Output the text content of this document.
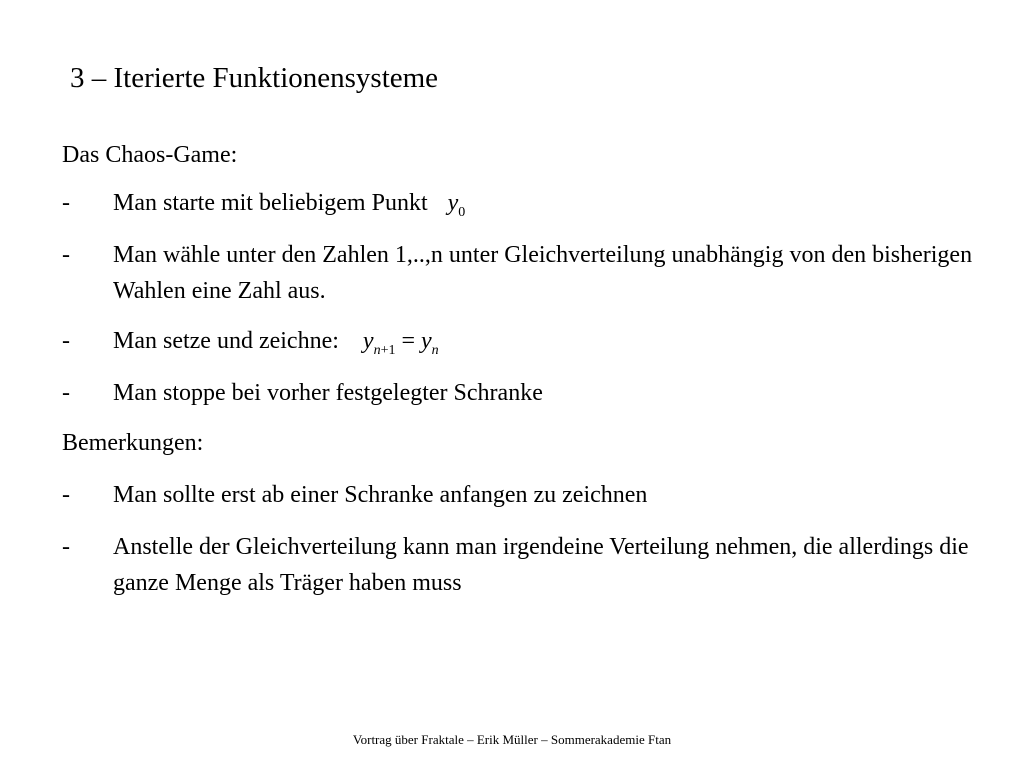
3 – Iterierte Funktionensysteme
Das Chaos-Game:
- Man starte mit beliebigem Punkt $y_0$
- Man wähle unter den Zahlen 1,..,n unter Gleichverteilung unabhängig von den bisherigen Wahlen eine Zahl aus.
- Man setze und zeichne: $y_{n+1} = y_n$
- Man stoppe bei vorher festgelegter Schranke
Bemerkungen:
- Man sollte erst ab einer Schranke anfangen zu zeichnen
- Anstelle der Gleichverteilung kann man irgendeine Verteilung nehmen, die allerdings die ganze Menge als Träger haben muss
Vortrag über Fraktale – Erik Müller – Sommerakademie Ftan
